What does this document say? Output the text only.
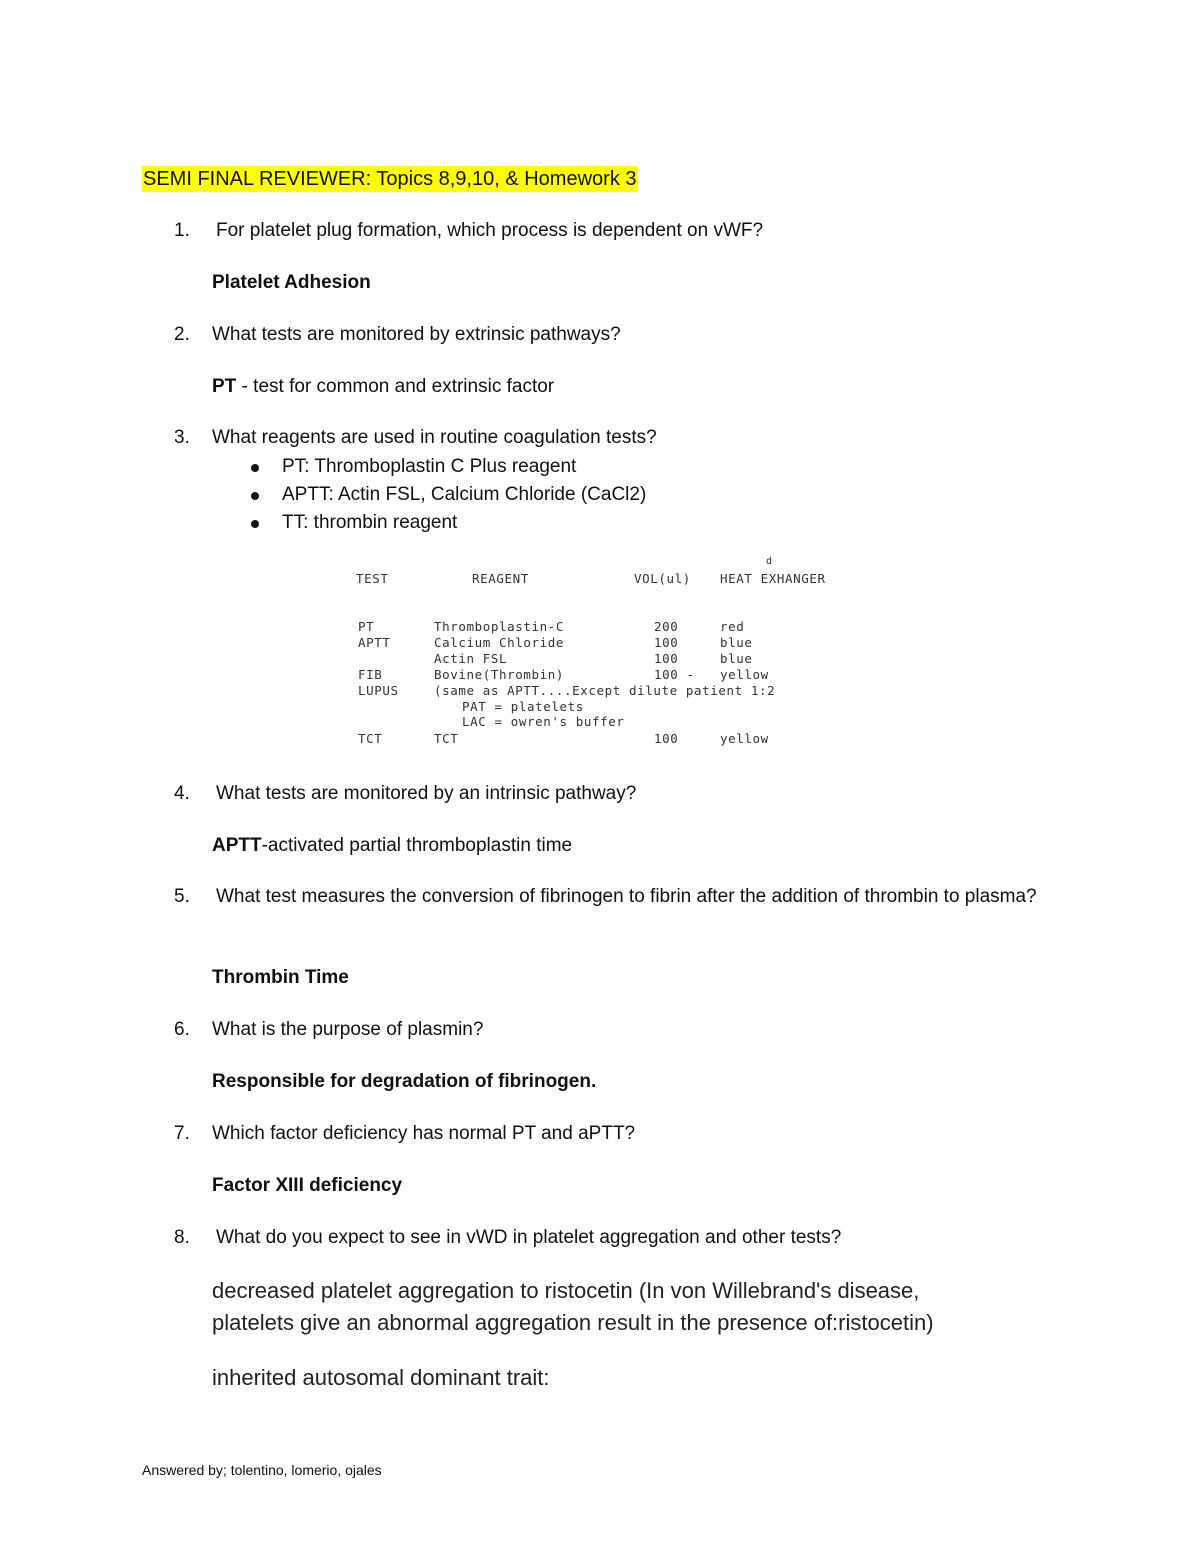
SEMI FINAL REVIEWER: Topics 8,9,10, & Homework 3
1.	For platelet plug formation, which process is dependent on vWF?
Platelet Adhesion
2.	What tests are monitored by extrinsic pathways?
PT - test for common and extrinsic factor
3.	What reagents are used in routine coagulation tests?
PT: Thromboplastin C Plus reagent
APTT: Actin FSL, Calcium Chloride (CaCl2)
TT: thrombin reagent
TEST	REAGENT	VOL(ul) HEAT EXHANGER
d
PT	Thromboplastin-C	200	red
APTT	Calcium Chloride	100	blue
Actin FSL	100	blue
FIB	Bovine(Thrombin)	100 - yellow
LUPUS	(same as APTT....Except dilute patient 1:2
PAT = platelets
LAC = owren's buffer
TCT	TCT	100	yellow
4.	What tests are monitored by an intrinsic pathway?
APTT-activated partial thromboplastin time
5.	What test measures the conversion of fibrinogen to fibrin after the addition of thrombin to plasma?
Thrombin Time
6.	What is the purpose of plasmin?
Responsible for degradation of fibrinogen.
7.	Which factor deficiency has normal PT and aPTT?
Factor XIII deficiency
8.	What do you expect to see in vWD in platelet aggregation and other tests?
decreased platelet aggregation to ristocetin (In von Willebrand's disease,
platelets give an abnormal aggregation result in the presence of:ristocetin)
inherited autosomal dominant trait:
Answered by; tolentino, lomerio, ojales
